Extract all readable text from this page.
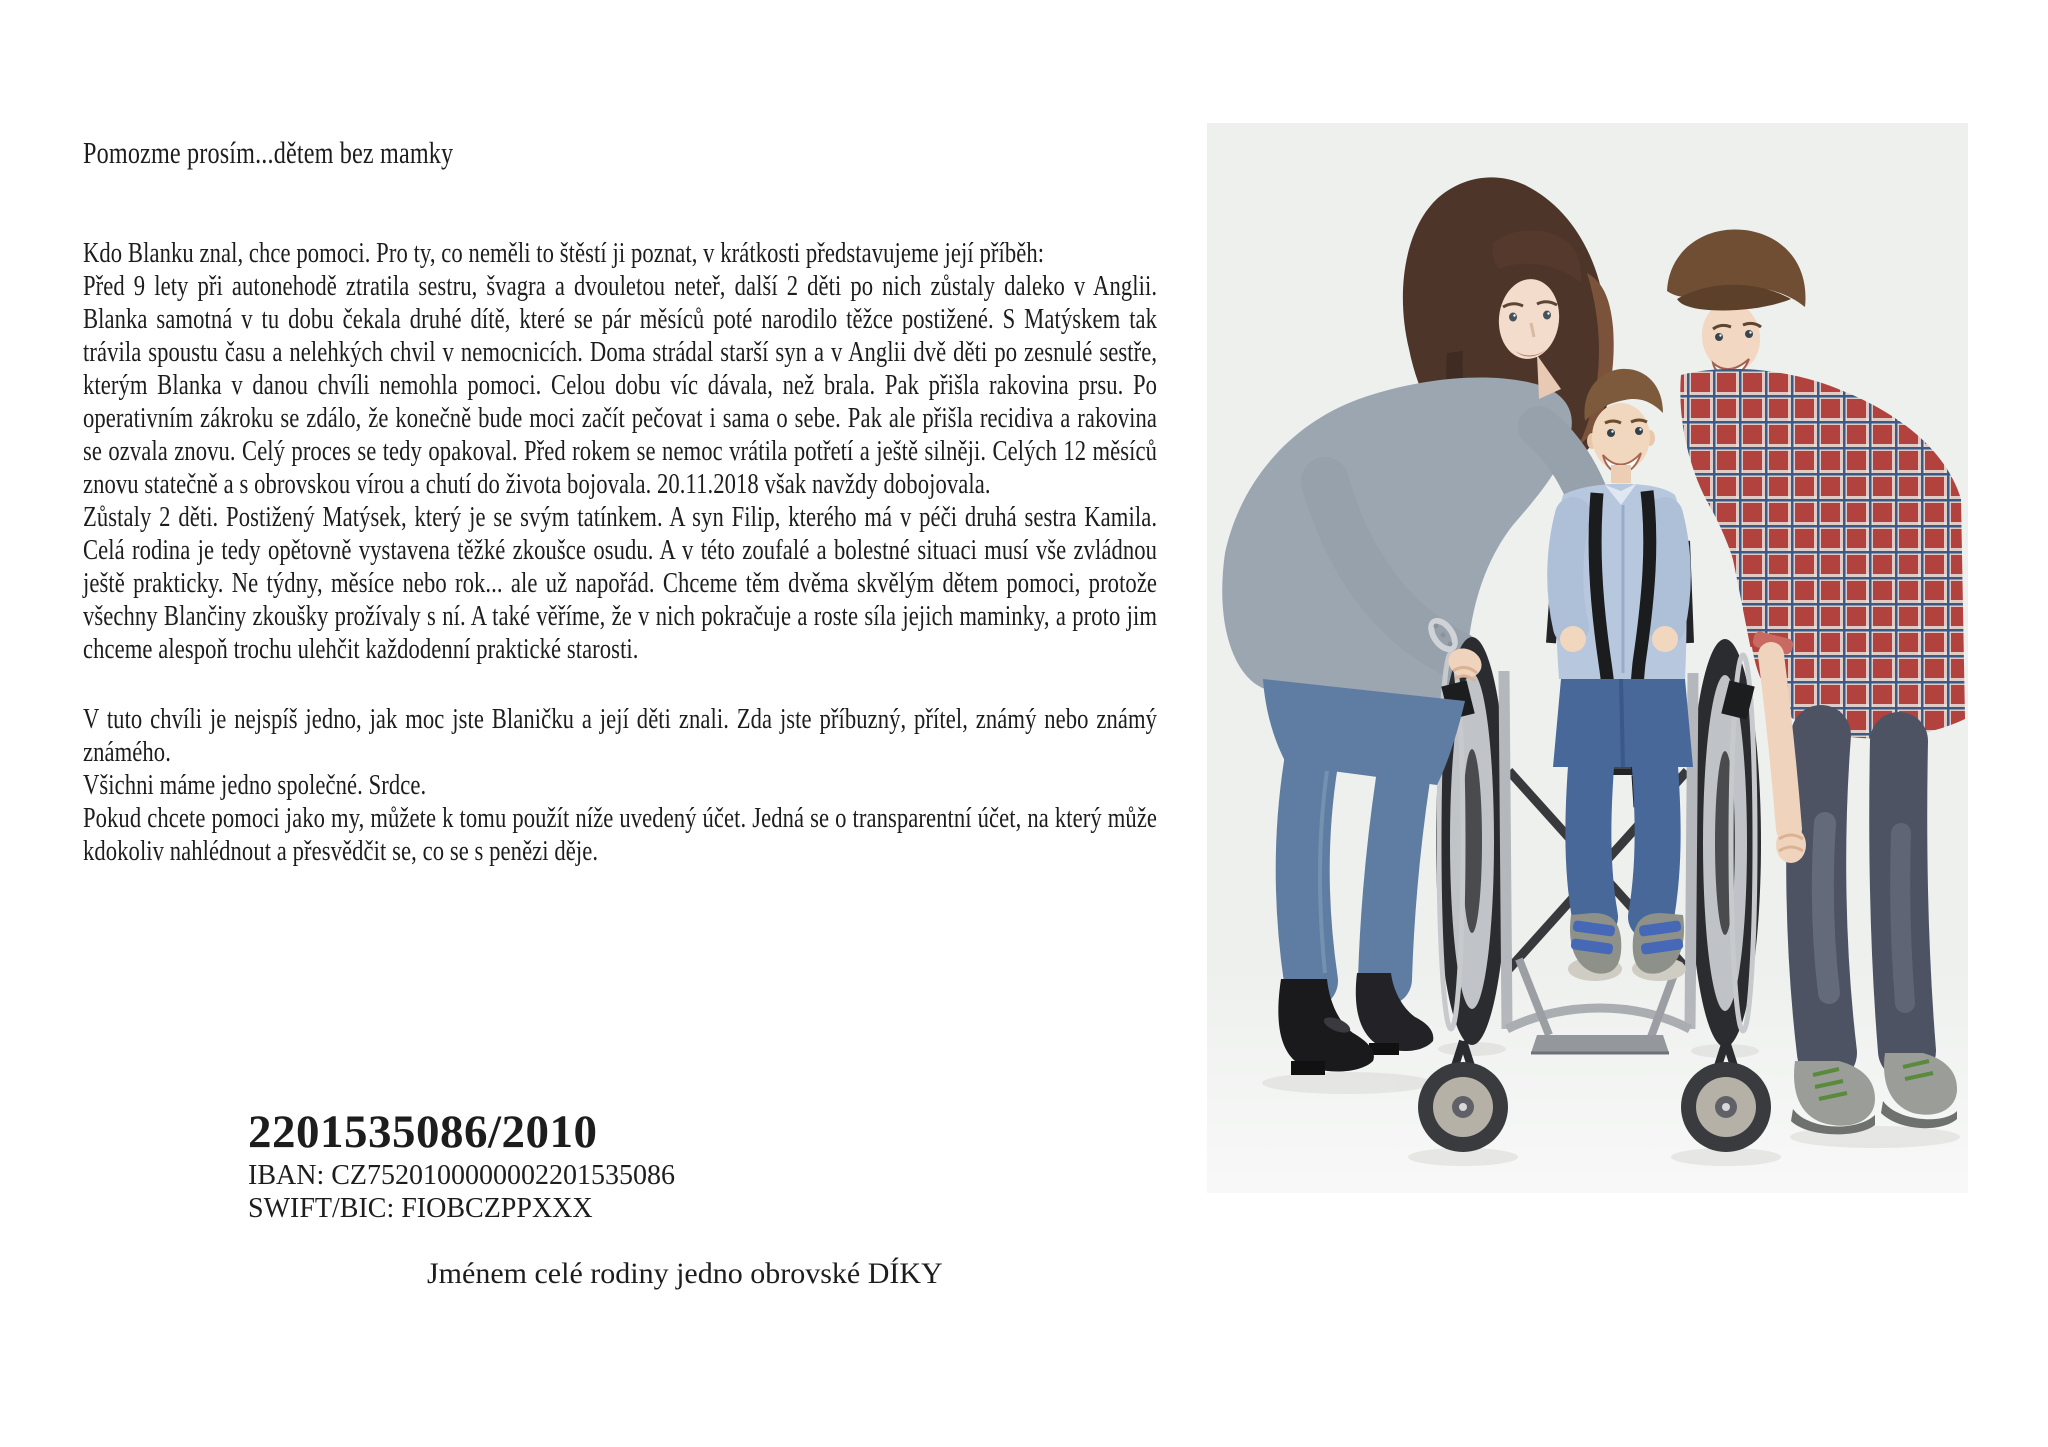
Pomozme prosím...dětem bez mamky

Kdo Blanku znal, chce pomoci. Pro ty, co neměli to štěstí ji poznat, v krátkosti představujeme její příběh:
Před 9 lety při autonehodě ztratila sestru, švagra a dvouletou neteř, další 2 děti po nich zůstaly daleko v Anglii. Blanka samotná v tu dobu čekala druhé dítě, které se pár měsíců poté narodilo těžce postižené. S Matýskem tak trávila spoustu času a nelehkých chvil v nemocnicích. Doma strádal starší syn a v Anglii dvě děti po zesnulé sestře, kterým Blanka v danou chvíli nemohla pomoci. Celou dobu víc dávala, než brala. Pak přišla rakovina prsu. Po operativním zákroku se zdálo, že konečně bude moci začít pečovat i sama o sebe. Pak ale přišla recidiva a rakovina se ozvala znovu. Celý proces se tedy opakoval. Před rokem se nemoc vrátila potřetí a ještě silněji. Celých 12 měsíců znovu statečně a s obrovskou vírou a chutí do života bojovala. 20.11.2018 však navždy dobojovala.
Zůstaly 2 děti. Postižený Matýsek, který je se svým tatínkem. A syn Filip, kterého má v péči druhá sestra Kamila. Celá rodina je tedy opětovně vystavena těžké zkoušce osudu. A v této zoufalé a bolestné situaci musí vše zvládnou ještě prakticky. Ne týdny, měsíce nebo rok... ale už napořád. Chceme těm dvěma skvělým dětem pomoci, protože všechny Blančiny zkoušky prožívaly s ní. A také věříme, že v nich pokračuje a roste síla jejich maminky, a proto jim chceme alespoň trochu ulehčit každodenní praktické starosti.

V tuto chvíli je nejspíš jedno, jak moc jste Blaničku a její děti znali. Zda jste příbuzný, přítel, známý nebo známý známého.
Všichni máme jedno společné. Srdce.
Pokud chcete pomoci jako my, můžete k tomu použít níže uvedený účet. Jedná se o transparentní účet, na který může kdokoliv nahlédnout a přesvědčit se, co se s penězi děje.

2201535086/2010
IBAN: CZ7520100000002201535086
SWIFT/BIC: FIOBCZPPXXX
Jménem celé rodiny jedno obrovské DÍKY
